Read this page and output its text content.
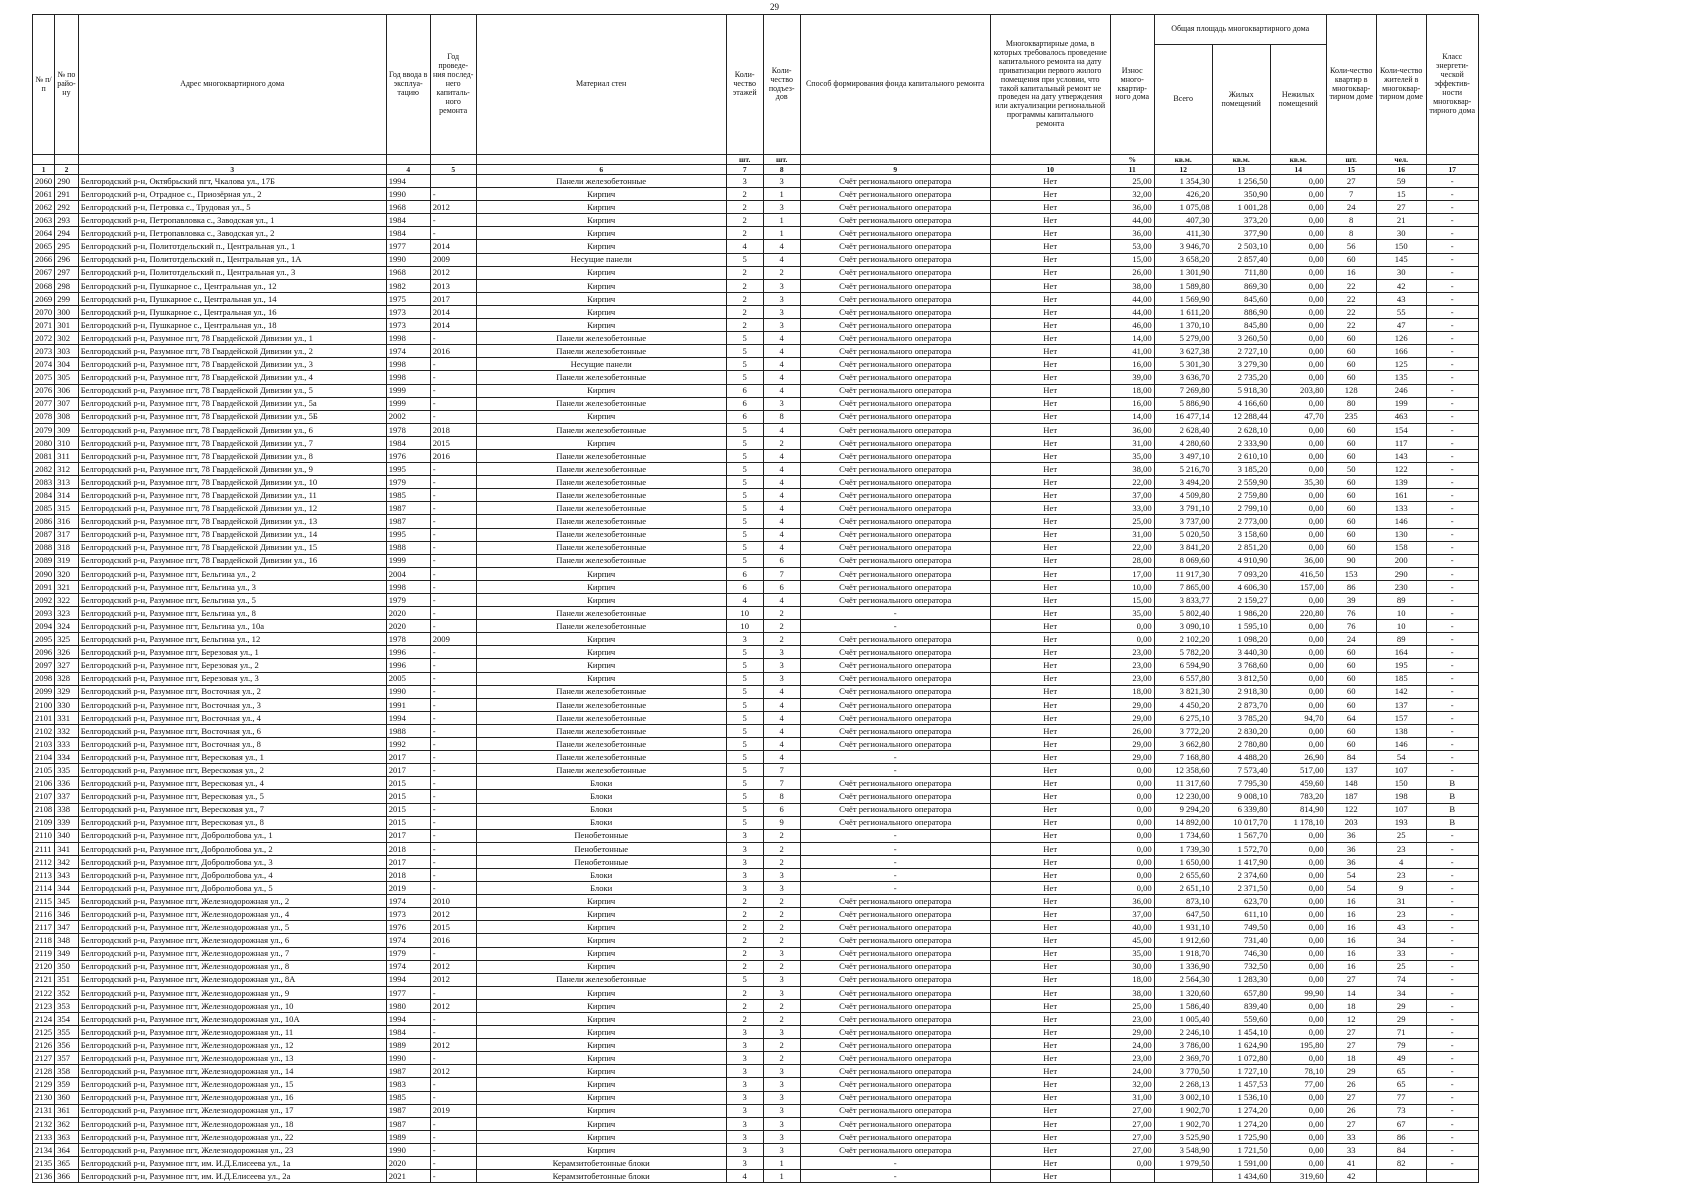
29
№ п/п	№ по райо-ну	Адрес многоквартирного дома	Год ввода в эксплуа-тацию	Год проведе-ния послед-него капиталь-ного ремонта	Материал стен	Коли-чество этажей	Коли-чество подъез-дов	Способ формирования фонда капитального ремонта	Многоквартирные дома, в которых требовалось проведение капитального ремонта на дату приватизации первого жилого помещения при условии, что такой капитальный ремонт не проведен на дату утверждения или актуализации региональной программы капитального ремонта	Износ много-квартир-ного дома	Общая площадь многоквартирного дома			Коли-чество квартир в многоквар-тирном доме	Коли-чество жителей в многоквар-тирном доме	Класс энергети-ческой эффектив-ности многоквар-тирного дома
											Всего	Жилых помещений	Нежилых помещений			
						шт.	шт.			%	кв.м.	кв.м.	кв.м.	шт.	чел.	
1	2	3	4	5	6	7	8	9	10	11	12	13	14	15	16	17
2060	290	Белгородский р-н, Октябрьский пгт, Чкалова ул., 17Б	1994		Панели железобетонные	3	3	Счёт регионального оператора	Нет	25,00	1 354,30	1 256,50	0,00	27	59	-
2061	291	Белгородский р-н, Отрадное с., Приозёрная ул., 2	1990	-	Кирпич	2	1	Счёт регионального оператора	Нет	32,00	426,20	350,90	0,00	7	15	-
2062	292	Белгородский р-н, Петровка с., Трудовая ул., 5	1968	2012	Кирпич	2	3	Счёт регионального оператора	Нет	36,00	1 075,08	1 001,28	0,00	24	27	-
2063	293	Белгородский р-н, Петропавловка с., Заводская ул., 1	1984	-	Кирпич	2	1	Счёт регионального оператора	Нет	44,00	407,30	373,20	0,00	8	21	-
2064	294	Белгородский р-н, Петропавловка с., Заводская ул., 2	1984	-	Кирпич	2	1	Счёт регионального оператора	Нет	36,00	411,30	377,90	0,00	8	30	-
2065	295	Белгородский р-н, Политотдельский п., Центральная ул., 1	1977	2014	Кирпич	4	4	Счёт регионального оператора	Нет	53,00	3 946,70	2 503,10	0,00	56	150	-
2066	296	Белгородский р-н, Политотдельский п., Центральная ул., 1А	1990	2009	Несущие панели	5	4	Счёт регионального оператора	Нет	15,00	3 658,20	2 857,40	0,00	60	145	-
2067	297	Белгородский р-н, Политотдельский п., Центральная ул., 3	1968	2012	Кирпич	2	2	Счёт регионального оператора	Нет	26,00	1 301,90	711,80	0,00	16	30	-
2068	298	Белгородский р-н, Пушкарное с., Центральная ул., 12	1982	2013	Кирпич	2	3	Счёт регионального оператора	Нет	38,00	1 589,80	869,30	0,00	22	42	-
2069	299	Белгородский р-н, Пушкарное с., Центральная ул., 14	1975	2017	Кирпич	2	3	Счёт регионального оператора	Нет	44,00	1 569,90	845,60	0,00	22	43	-
2070	300	Белгородский р-н, Пушкарное с., Центральная ул., 16	1973	2014	Кирпич	2	3	Счёт регионального оператора	Нет	44,00	1 611,20	886,90	0,00	22	55	-
2071	301	Белгородский р-н, Пушкарное с., Центральная ул., 18	1973	2014	Кирпич	2	3	Счёт регионального оператора	Нет	46,00	1 370,10	845,80	0,00	22	47	-
2072	302	Белгородский р-н, Разумное пгт, 78 Гвардейской Дивизии ул., 1	1998	-	Панели железобетонные	5	4	Счёт регионального оператора	Нет	14,00	5 279,00	3 260,50	0,00	60	126	-
2073	303	Белгородский р-н, Разумное пгт, 78 Гвардейской Дивизии ул., 2	1974	2016	Панели железобетонные	5	4	Счёт регионального оператора	Нет	41,00	3 627,38	2 727,10	0,00	60	166	-
2074	304	Белгородский р-н, Разумное пгт, 78 Гвардейской Дивизии ул., 3	1998	-	Несущие панели	5	4	Счёт регионального оператора	Нет	16,00	5 301,30	3 279,30	0,00	60	125	-
2075	305	Белгородский р-н, Разумное пгт, 78 Гвардейской Дивизии ул., 4	1998	-	Панели железобетонные	5	4	Счёт регионального оператора	Нет	39,00	3 636,70	2 735,20	0,00	60	135	-
2076	306	Белгородский р-н, Разумное пгт, 78 Гвардейской Дивизии ул., 5	1999	-	Кирпич	6	4	Счёт регионального оператора	Нет	18,00	7 269,80	5 918,30	203,80	128	246	-
2077	307	Белгородский р-н, Разумное пгт, 78 Гвардейской Дивизии ул., 5а	1999	-	Панели железобетонные	6	3	Счёт регионального оператора	Нет	16,00	5 886,90	4 166,60	0,00	80	199	-
2078	308	Белгородский р-н, Разумное пгт, 78 Гвардейской Дивизии ул., 5Б	2002	-	Кирпич	6	8	Счёт регионального оператора	Нет	14,00	16 477,14	12 288,44	47,70	235	463	-
2079	309	Белгородский р-н, Разумное пгт, 78 Гвардейской Дивизии ул., 6	1978	2018	Панели железобетонные	5	4	Счёт регионального оператора	Нет	36,00	2 628,40	2 628,10	0,00	60	154	-
2080	310	Белгородский р-н, Разумное пгт, 78 Гвардейской Дивизии ул., 7	1984	2015	Кирпич	5	2	Счёт регионального оператора	Нет	31,00	4 280,60	2 333,90	0,00	60	117	-
2081	311	Белгородский р-н, Разумное пгт, 78 Гвардейской Дивизии ул., 8	1976	2016	Панели железобетонные	5	4	Счёт регионального оператора	Нет	35,00	3 497,10	2 610,10	0,00	60	143	-
2082	312	Белгородский р-н, Разумное пгт, 78 Гвардейской Дивизии ул., 9	1995	-	Панели железобетонные	5	4	Счёт регионального оператора	Нет	38,00	5 216,70	3 185,20	0,00	50	122	-
2083	313	Белгородский р-н, Разумное пгт, 78 Гвардейской Дивизии ул., 10	1979	-	Панели железобетонные	5	4	Счёт регионального оператора	Нет	22,00	3 494,20	2 559,90	35,30	60	139	-
2084	314	Белгородский р-н, Разумное пгт, 78 Гвардейской Дивизии ул., 11	1985	-	Панели железобетонные	5	4	Счёт регионального оператора	Нет	37,00	4 509,80	2 759,80	0,00	60	161	-
2085	315	Белгородский р-н, Разумное пгт, 78 Гвардейской Дивизии ул., 12	1987	-	Панели железобетонные	5	4	Счёт регионального оператора	Нет	33,00	3 791,10	2 799,10	0,00	60	133	-
2086	316	Белгородский р-н, Разумное пгт, 78 Гвардейской Дивизии ул., 13	1987	-	Панели железобетонные	5	4	Счёт регионального оператора	Нет	25,00	3 737,00	2 773,00	0,00	60	146	-
2087	317	Белгородский р-н, Разумное пгт, 78 Гвардейской Дивизии ул., 14	1995	-	Панели железобетонные	5	4	Счёт регионального оператора	Нет	31,00	5 020,50	3 158,60	0,00	60	130	-
2088	318	Белгородский р-н, Разумное пгт, 78 Гвардейской Дивизии ул., 15	1988	-	Панели железобетонные	5	4	Счёт регионального оператора	Нет	22,00	3 841,20	2 851,20	0,00	60	158	-
2089	319	Белгородский р-н, Разумное пгт, 78 Гвардейской Дивизии ул., 16	1999	-	Панели железобетонные	5	6	Счёт регионального оператора	Нет	28,00	8 069,60	4 910,90	36,00	90	200	-
2090	320	Белгородский р-н, Разумное пгт, Бельгина ул., 2	2004	-	Кирпич	6	7	Счёт регионального оператора	Нет	17,00	11 917,30	7 093,20	416,50	153	290	-
2091	321	Белгородский р-н, Разумное пгт, Бельгина ул., 3	1998	-	Кирпич	6	6	Счёт регионального оператора	Нет	10,00	7 865,00	4 606,30	157,00	86	230	-
2092	322	Белгородский р-н, Разумное пгт, Бельгина ул., 5	1979	-	Кирпич	4	4	Счёт регионального оператора	Нет	15,00	3 833,77	2 159,27	0,00	39	89	-
2093	323	Белгородский р-н, Разумное пгт, Бельгина ул., 8	2020	-	Панели железобетонные	10	2	-	Нет	35,00	5 802,40	1 986,20	220,80	76	10	-
2094	324	Белгородский р-н, Разумное пгт, Бельгина ул., 10а	2020	-	Панели железобетонные	10	2	-	Нет	0,00	3 090,10	1 595,10	0,00	76	10	-
2095	325	Белгородский р-н, Разумное пгт, Бельгина ул., 12	1978	2009	Кирпич	3	2	Счёт регионального оператора	Нет	0,00	2 102,20	1 098,20	0,00	24	89	-
2096	326	Белгородский р-н, Разумное пгт, Березовая ул., 1	1996	-	Кирпич	5	3	Счёт регионального оператора	Нет	23,00	5 782,20	3 440,30	0,00	60	164	-
2097	327	Белгородский р-н, Разумное пгт, Березовая ул., 2	1996	-	Кирпич	5	3	Счёт регионального оператора	Нет	23,00	6 594,90	3 768,60	0,00	60	195	-
2098	328	Белгородский р-н, Разумное пгт, Березовая ул., 3	2005	-	Кирпич	5	3	Счёт регионального оператора	Нет	23,00	6 557,80	3 812,50	0,00	60	185	-
2099	329	Белгородский р-н, Разумное пгт, Восточная ул., 2	1990	-	Панели железобетонные	5	4	Счёт регионального оператора	Нет	18,00	3 821,30	2 918,30	0,00	60	142	-
2100	330	Белгородский р-н, Разумное пгт, Восточная ул., 3	1991	-	Панели железобетонные	5	4	Счёт регионального оператора	Нет	29,00	4 450,20	2 873,70	0,00	60	137	-
2101	331	Белгородский р-н, Разумное пгт, Восточная ул., 4	1994	-	Панели железобетонные	5	4	Счёт регионального оператора	Нет	29,00	6 275,10	3 785,20	94,70	64	157	-
2102	332	Белгородский р-н, Разумное пгт, Восточная ул., 6	1988	-	Панели железобетонные	5	4	Счёт регионального оператора	Нет	26,00	3 772,20	2 830,20	0,00	60	138	-
2103	333	Белгородский р-н, Разумное пгт, Восточная ул., 8	1992	-	Панели железобетонные	5	4	Счёт регионального оператора	Нет	29,00	3 662,80	2 780,80	0,00	60	146	-
2104	334	Белгородский р-н, Разумное пгт, Вересковая ул., 1	2017	-	Панели железобетонные	5	4	-	Нет	29,00	7 168,80	4 488,20	26,90	84	54	-
2105	335	Белгородский р-н, Разумное пгт, Вересковая ул., 2	2017	-	Панели железобетонные	5	7	-	Нет	0,00	12 358,60	7 573,40	517,00	137	107	-
2106	336	Белгородский р-н, Разумное пгт, Вересковая ул., 4	2015	-	Блоки	5	7	Счёт регионального оператора	Нет	0,00	11 317,60	7 795,30	459,60	148	150	В
2107	337	Белгородский р-н, Разумное пгт, Вересковая ул., 5	2015	-	Блоки	5	8	Счёт регионального оператора	Нет	0,00	12 230,00	9 008,10	783,20	187	198	В
2108	338	Белгородский р-н, Разумное пгт, Вересковая ул., 7	2015	-	Блоки	5	6	Счёт регионального оператора	Нет	0,00	9 294,20	6 339,80	814,90	122	107	В
2109	339	Белгородский р-н, Разумное пгт, Вересковая ул., 8	2015	-	Блоки	5	9	Счёт регионального оператора	Нет	0,00	14 892,00	10 017,70	1 178,10	203	193	В
2110	340	Белгородский р-н, Разумное пгт, Добролюбова ул., 1	2017	-	Пенобетонные	3	2	-	Нет	0,00	1 734,60	1 567,70	0,00	36	25	-
2111	341	Белгородский р-н, Разумное пгт, Добролюбова ул., 2	2018	-	Пенобетонные	3	2	-	Нет	0,00	1 739,30	1 572,70	0,00	36	23	-
2112	342	Белгородский р-н, Разумное пгт, Добролюбова ул., 3	2017	-	Пенобетонные	3	2	-	Нет	0,00	1 650,00	1 417,90	0,00	36	4	-
2113	343	Белгородский р-н, Разумное пгт, Добролюбова ул., 4	2018	-	Блоки	3	3	-	Нет	0,00	2 655,60	2 374,60	0,00	54	23	-
2114	344	Белгородский р-н, Разумное пгт, Добролюбова ул., 5	2019	-	Блоки	3	3	-	Нет	0,00	2 651,10	2 371,50	0,00	54	9	-
2115	345	Белгородский р-н, Разумное пгт, Железнодорожная ул., 2	1974	2010	Кирпич	2	2	Счёт регионального оператора	Нет	36,00	873,10	623,70	0,00	16	31	-
2116	346	Белгородский р-н, Разумное пгт, Железнодорожная ул., 4	1973	2012	Кирпич	2	2	Счёт регионального оператора	Нет	37,00	647,50	611,10	0,00	16	23	-
2117	347	Белгородский р-н, Разумное пгт, Железнодорожная ул., 5	1976	2015	Кирпич	2	2	Счёт регионального оператора	Нет	40,00	1 931,10	749,50	0,00	16	43	-
2118	348	Белгородский р-н, Разумное пгт, Железнодорожная ул., 6	1974	2016	Кирпич	2	2	Счёт регионального оператора	Нет	45,00	1 912,60	731,40	0,00	16	34	-
2119	349	Белгородский р-н, Разумное пгт, Железнодорожная ул., 7	1979	-	Кирпич	2	3	Счёт регионального оператора	Нет	35,00	1 918,70	746,30	0,00	16	33	-
2120	350	Белгородский р-н, Разумное пгт, Железнодорожная ул., 8	1974	2012	Кирпич	2	2	Счёт регионального оператора	Нет	30,00	1 336,90	732,50	0,00	16	25	-
2121	351	Белгородский р-н, Разумное пгт, Железнодорожная ул., 8А	1994	2012	Панели железобетонные	5	3	Счёт регионального оператора	Нет	18,00	2 564,30	1 283,30	0,00	27	74	-
2122	352	Белгородский р-н, Разумное пгт, Железнодорожная ул., 9	1977	-	Кирпич	2	3	Счёт регионального оператора	Нет	38,00	1 320,60	657,80	99,90	14	34	-
2123	353	Белгородский р-н, Разумное пгт, Железнодорожная ул., 10	1980	2012	Кирпич	2	2	Счёт регионального оператора	Нет	25,00	1 586,40	839,40	0,00	18	29	-
2124	354	Белгородский р-н, Разумное пгт, Железнодорожная ул., 10А	1994	-	Кирпич	2	2	Счёт регионального оператора	Нет	23,00	1 005,40	559,60	0,00	12	29	-
2125	355	Белгородский р-н, Разумное пгт, Железнодорожная ул., 11	1984	-	Кирпич	3	3	Счёт регионального оператора	Нет	29,00	2 246,10	1 454,10	0,00	27	71	-
2126	356	Белгородский р-н, Разумное пгт, Железнодорожная ул., 12	1989	2012	Кирпич	3	2	Счёт регионального оператора	Нет	24,00	3 786,00	1 624,90	195,80	27	79	-
2127	357	Белгородский р-н, Разумное пгт, Железнодорожная ул., 13	1990	-	Кирпич	3	2	Счёт регионального оператора	Нет	23,00	2 369,70	1 072,80	0,00	18	49	-
2128	358	Белгородский р-н, Разумное пгт, Железнодорожная ул., 14	1987	2012	Кирпич	3	3	Счёт регионального оператора	Нет	24,00	3 770,50	1 727,10	78,10	29	65	-
2129	359	Белгородский р-н, Разумное пгт, Железнодорожная ул., 15	1983	-	Кирпич	3	3	Счёт регионального оператора	Нет	32,00	2 268,13	1 457,53	77,00	26	65	-
2130	360	Белгородский р-н, Разумное пгт, Железнодорожная ул., 16	1985	-	Кирпич	3	3	Счёт регионального оператора	Нет	31,00	3 002,10	1 536,10	0,00	27	77	-
2131	361	Белгородский р-н, Разумное пгт, Железнодорожная ул., 17	1987	2019	Кирпич	3	3	Счёт регионального оператора	Нет	27,00	1 902,70	1 274,20	0,00	26	73	-
2132	362	Белгородский р-н, Разумное пгт, Железнодорожная ул., 18	1987	-	Кирпич	3	3	Счёт регионального оператора	Нет	27,00	1 902,70	1 274,20	0,00	27	67	-
2133	363	Белгородский р-н, Разумное пгт, Железнодорожная ул., 22	1989	-	Кирпич	3	3	Счёт регионального оператора	Нет	27,00	3 525,90	1 725,90	0,00	33	86	-
2134	364	Белгородский р-н, Разумное пгт, Железнодорожная ул., 23	1990	-	Кирпич	3	3	Счёт регионального оператора	Нет	27,00	3 548,90	1 721,50	0,00	33	84	-
2135	365	Белгородский р-н, Разумное пгт, им. И.Д.Елисеева ул., 1а	2020	-	Керамзитобетонные блоки	3	1	-	Нет	0,00	1 979,50	1 591,00	0,00	41	82	-
2136	366	Белгородский р-н, Разумное пгт, им. И.Д.Елисеева ул., 2а	2021	-	Керамзитобетонные блоки	4	1	-	Нет			1 434,60	319,60	42		
